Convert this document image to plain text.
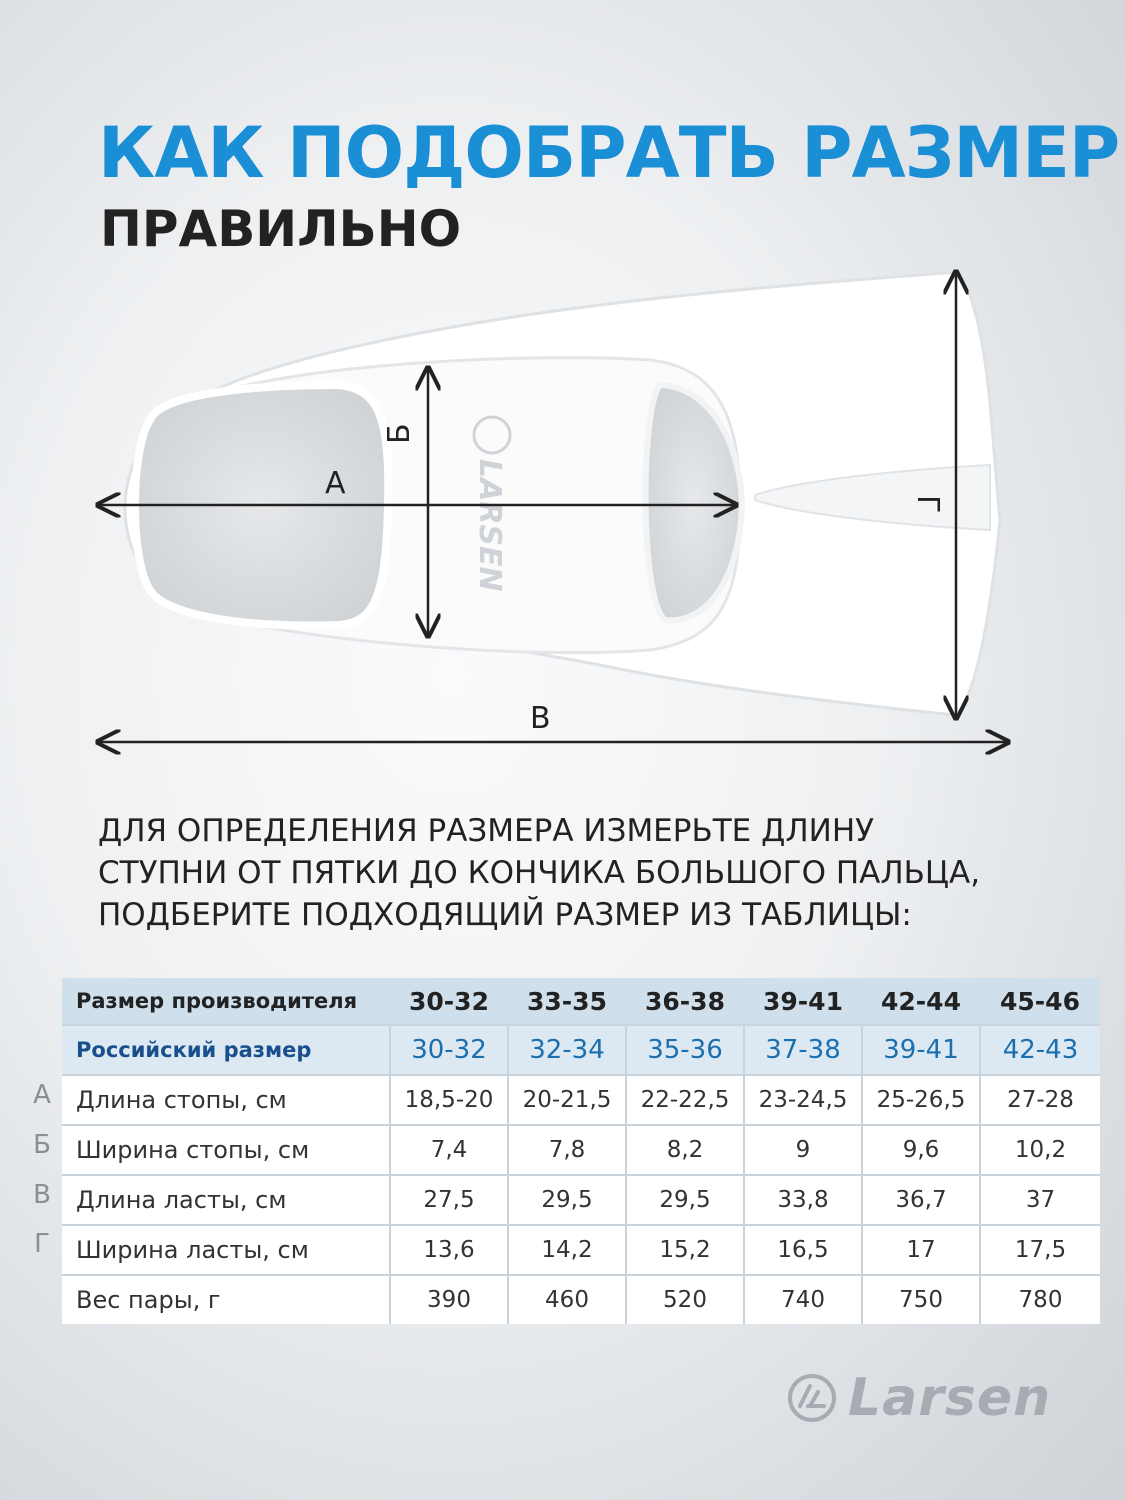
КАК ПОДОБРАТЬ РАЗМЕР
ПРАВИЛЬНО
LARSEN
А
Б
В
Г

ДЛЯ ОПРЕДЕЛЕНИЯ РАЗМЕРА ИЗМЕРЬТЕ ДЛИНУ
СТУПНИ ОТ ПЯТКИ ДО КОНЧИКА БОЛЬШОГО ПАЛЬЦА,
ПОДБЕРИТЕ ПОДХОДЯЩИЙ РАЗМЕР ИЗ ТАБЛИЦЫ:

А
Б
В
Г
Размер производителя	30-32	33-35	36-38	39-41	42-44	45-46
Российский размер	30-32	32-34	35-36	37-38	39-41	42-43
Длина стопы, см	18,5-20	20-21,5	22-22,5	23-24,5	25-26,5	27-28
Ширина стопы, см	7,4	7,8	8,2	9	9,6	10,2
Длина ласты, см	27,5	29,5	29,5	33,8	36,7	37
Ширина ласты, см	13,6	14,2	15,2	16,5	17	17,5
Вес пары, г	390	460	520	740	750	780
Larsen
